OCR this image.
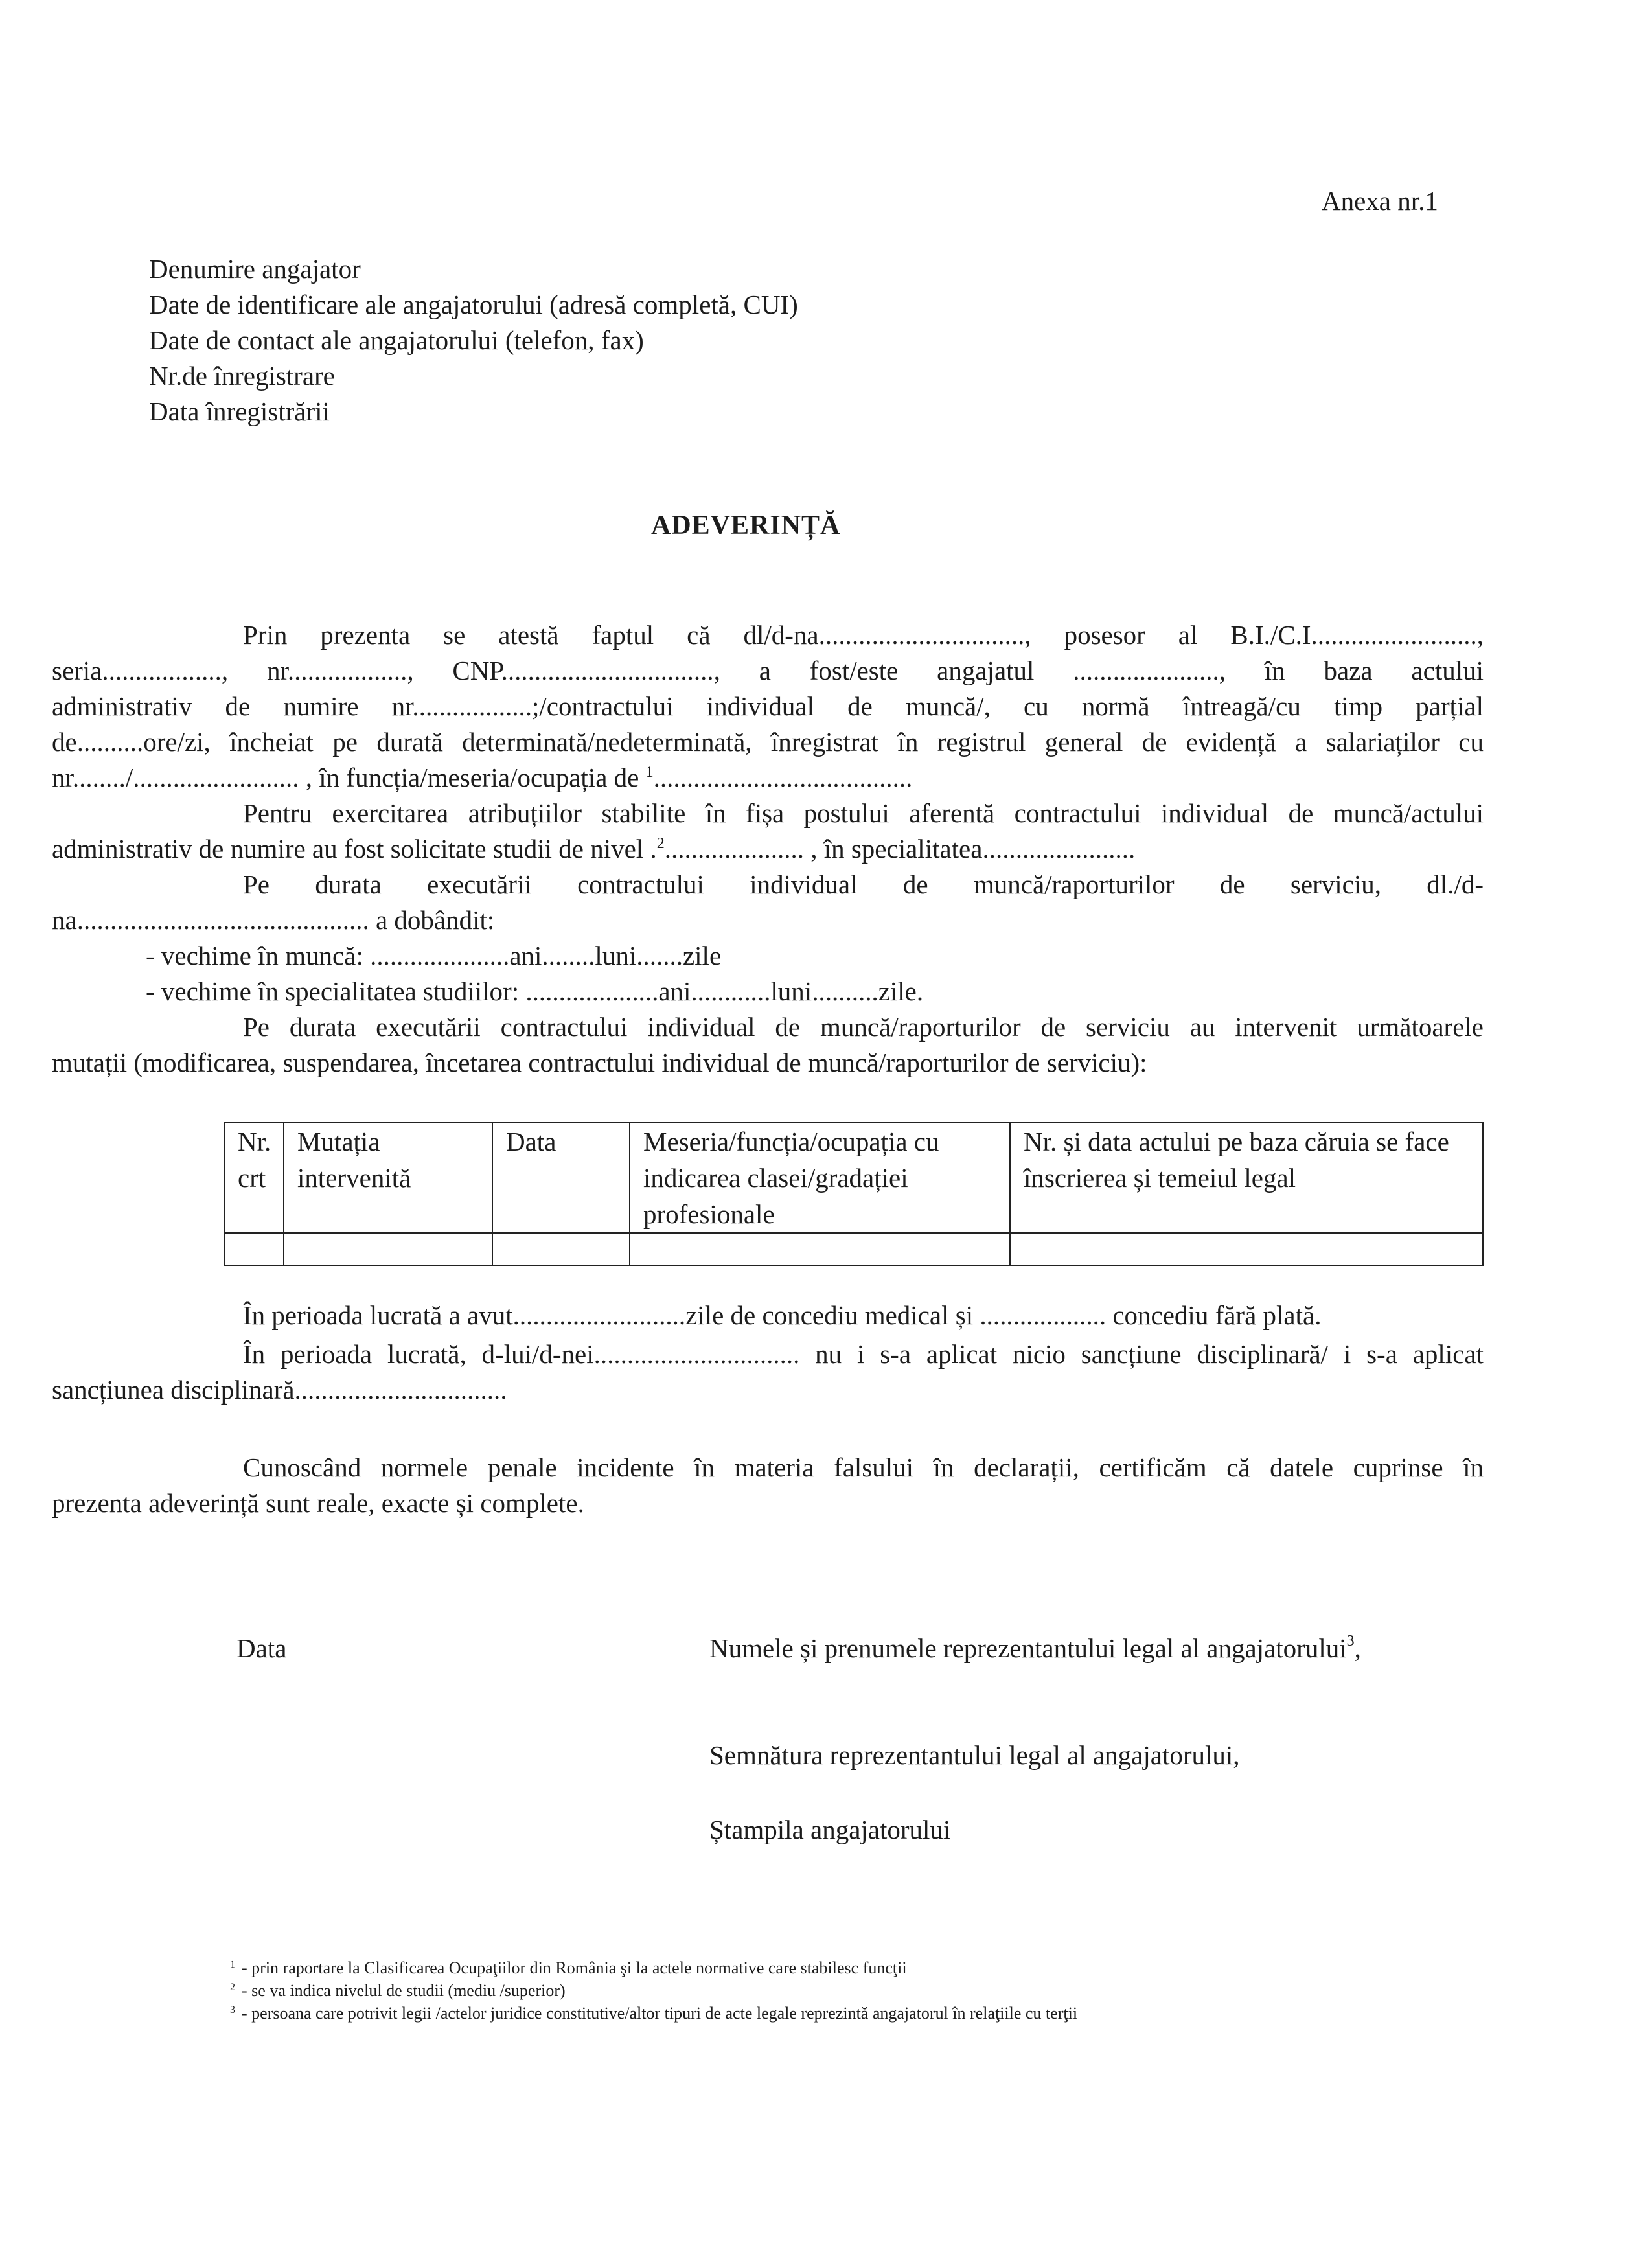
Anexa nr.1
Denumire angajator
Date de identificare ale angajatorului (adresă completă, CUI)
Date de contact ale angajatorului (telefon, fax)
Nr.de înregistrare
Data înregistrării
ADEVERINȚĂ
Prin prezenta se atestă faptul că dl/d-na..............................., posesor al B.I./C.I.........................,
seria.................., nr.................., CNP................................, a fost/este angajatul ......................, în baza actului
administrativ de numire nr..................;/contractului individual de muncă/, cu normă întreagă/cu timp parțial
de..........ore/zi, încheiat pe durată determinată/nedeterminată, înregistrat în registrul general de evidență a salariaților cu
nr......../......................... , în funcția/meseria/ocupația de $^1$.......................................
Pentru exercitarea atribuțiilor stabilite în fișa postului aferentă contractului individual de muncă/actului
administrativ de numire au fost solicitate studii de nivel .$^2$..................... , în specialitatea.......................
Pe durata executării contractului individual de muncă/raporturilor de serviciu, dl./d-
na............................................ a dobândit:
- vechime în muncă: .....................ani........luni.......zile
- vechime în specialitatea studiilor: ....................ani............luni..........zile.
Pe durata executării contractului individual de muncă/raporturilor de serviciu au intervenit următoarele
mutații (modificarea, suspendarea, încetarea contractului individual de muncă/raporturilor de serviciu):
Nr. crt	Mutația intervenită	Data	Meseria/funcția/ocupația cu indicarea clasei/gradației profesionale	Nr. și data actului pe baza căruia se face înscrierea și temeiul legal

În perioada lucrată a avut..........................zile de concediu medical și ................... concediu fără plată.
În perioada lucrată, d-lui/d-nei............................... nu i s-a aplicat nicio sancțiune disciplinară/ i s-a aplicat
sancțiunea disciplinară................................
Cunoscând normele penale incidente în materia falsului în declarații, certificăm că datele cuprinse în
prezenta adeverință sunt reale, exacte și complete.
Data	Numele și prenumele reprezentantului legal al angajatorului$^3$,
Semnătura reprezentantului legal al angajatorului,
Ștampila angajatorului
$^1$ - prin raportare la Clasificarea Ocupaţiilor din România şi la actele normative care stabilesc funcţii
$^2$ - se va indica nivelul de studii (mediu /superior)
$^3$ - persoana care potrivit legii /actelor juridice constitutive/altor tipuri de acte legale reprezintă angajatorul în relaţiile cu terţii
